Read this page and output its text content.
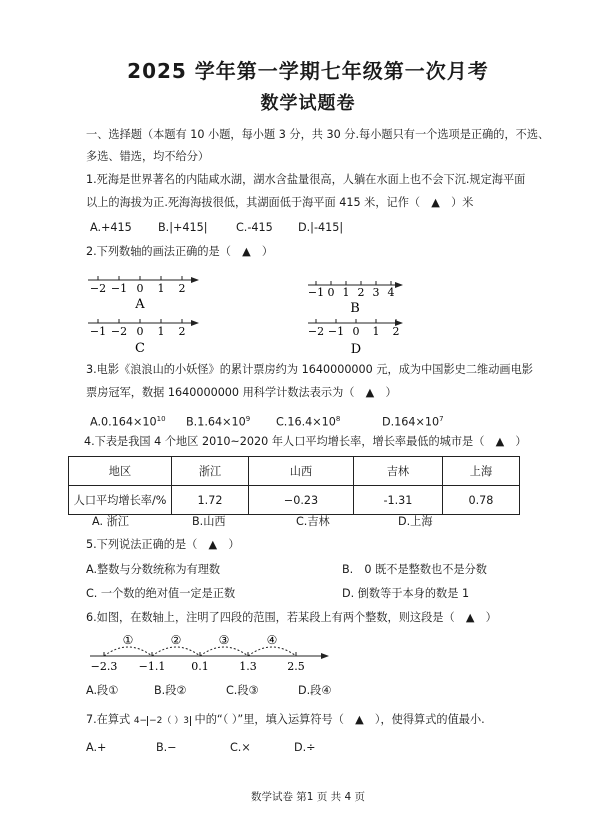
2025 学年第一学期七年级第一次月考
数学试题卷
一、选择题（本题有 10 小题，每小题 3 分，共 30 分.每小题只有一个选项是正确的，不选、
多选、错选，均不给分）
1.死海是世界著名的内陆咸水湖，湖水含盐量很高，人躺在水面上也不会下沉.规定海平面
以上的海拔为正.死海海拔很低，其湖面低于海平面 415 米，记作（　▲　）米
A.+415 B.|+415|	C.-415 D.|-415|
2.下列数轴的画法正确的是（　▲　）
−2 −1 0 1 2
A
−1 0 1 2 3 4
B
−1 −2 0 1 2
C
−2 −1 0 1 2
D
3.电影《浪浪山的小妖怪》的累计票房约为 1640000000 元，成为中国影史二维动画电影
票房冠军，数据 1640000000 用科学计数法表示为（　▲　）
$A.0.164\times 10^{10}$ $B.1.64\times 10^9$ $C.16.4\times 10^8$	$D.164\times 10^7$
4.下表是我国 4 个地区 2010~2020 年人口平均增长率，增长率最低的城市是（　▲　）
地区	浙江	山西	吉林	上海
人口平均增长率/%	1.72	−0.23	-1.31	0.78
A. 浙江	B.山西	C.吉林	D.上海
5.下列说法正确的是（　▲　）
A.整数与分数统称为有理数	B.　0 既不是整数也不是分数
C. 一个数的绝对值一定是正数	D. 倒数等于本身的数是 1
6.如图，在数轴上，注明了四段的范围，若某段上有两个整数，则这段是（　▲　）
①	②	③	④
−2.3 −1.1 0.1	1.3	2.5
A.段①	B.段②	C.段③	D.段④
7.在算式 4− −2（ ）3 中的“（ ）”里，填入运算符号（　▲　），使得算式的值最小.
A.+	B.−	C.×	D.÷
数学试卷 第1 页 共 4 页
